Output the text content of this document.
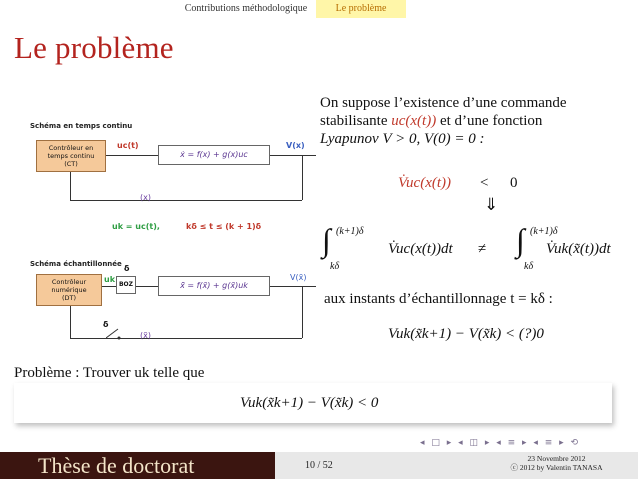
Contributions méthodologique	Le problème
Le problème
Schéma en temps continu
Contrôleur en
temps continu
(CT)
uc(t)
ẋ = f(x) + g(x)uc
V(x)
(x)
uk = uc(t),	kδ ≤ t ≤ (k + 1)δ
Schéma échantillonnée
Contrôleur
numérique
(DT)
uk
δ
BOZ	x̃̇ = f(x̃) + g(x̃)uk
V(x̃)
δ
(x̃)
On suppose l’existence d’une commande
stabilisante uc(x(t)) et d’une fonction
Lyapunov V > 0, V(0) = 0 :
V̇uc(x(t)) < 0
⇓
∫ (k+1)δ
kδ
V̇uc(x(t))dt ≠ ∫ (k+1)δ
kδ
V̇uk(x̃(t))dt
aux instants d’échantillonnage t = kδ :
Vuk(x̃k+1) − V(x̃k) < (?)0
Problème : Trouver uk telle que
Vuk(x̃k+1) − V(x̃k) < 0
◂ □ ▸ ◂ ◫ ▸ ◂ ≡ ▸ ◂ ≡ ▸ ⟲
Thèse de doctorat	10 / 52
23 Novembre 2012
ⓒ 2012 by Valentin TANASA
